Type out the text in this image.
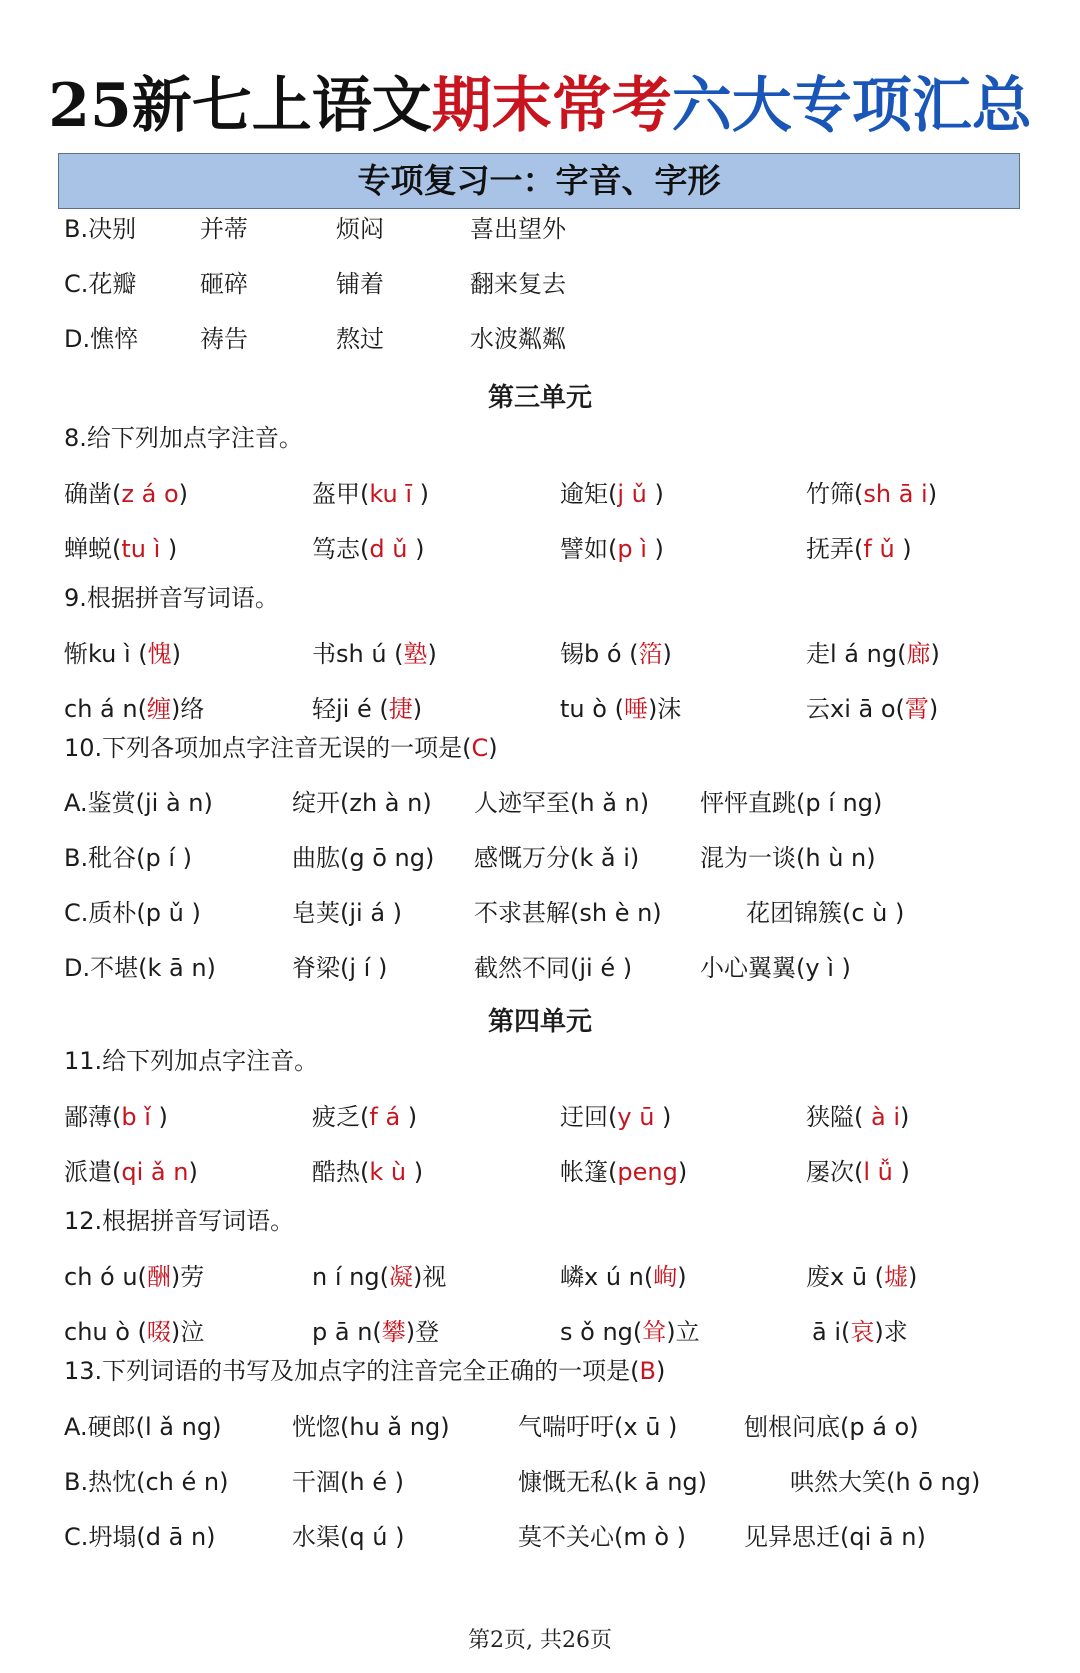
25新七上语文期末常考六大专项汇总
专项复习一：字音、字形
B.决别	并蒂	烦闷	喜出望外
C.花瓣	砸碎	铺着	翻来复去
D.憔悴	祷告	熬过	水波粼粼
第三单元
8.给下列加点字注音。
确凿(z á o)	盔甲(ku ī )	逾矩(j ǔ )	竹筛(sh ā i)
蝉蜕(tu ì )	笃志(d ǔ )	譬如(p ì )	抚弄(f ǔ )
9.根据拼音写词语。
惭ku ì (愧)	书sh ú (塾)	锡b ó (箔)	走l á ng(廊)
ch á n(缠)络	轻ji é (捷)	tu ò (唾)沫	云xi ā o(霄)
10.下列各项加点字注音无误的一项是(C)
A.鉴赏(ji à n)	绽开(zh à n) 人迹罕至(h ǎ n) 怦怦直跳(p í ng)
B.秕谷(p í )	曲肱(g ō ng) 感慨万分(k ǎ i)	混为一谈(h ù n)
C.质朴(p ǔ )	皂荚(ji á )	不求甚解(sh è n)	花团锦簇(c ù )
D.不堪(k ā n)	脊梁(j í )	截然不同(ji é )	小心翼翼(y ì )
第四单元
11.给下列加点字注音。
鄙薄(b ǐ )	疲乏(f á )	迂回(y ū )	狭隘( à i)
派遣(qi ǎ n)	酷热(k ù )	帐篷(peng)	屡次(l ǚ )
12.根据拼音写词语。
ch ó u(酬)劳	n í ng(凝)视	嶙x ú n(峋)	废x ū (墟)
chu ò (啜)泣	p ā n(攀)登	s ǒ ng(耸)立	ā i(哀)求
13.下列词语的书写及加点字的注音完全正确的一项是(B)
A.硬郎(l ǎ ng)	恍惚(hu ǎ ng)	气喘吁吁(x ū )	刨根问底(p á o)
B.热忱(ch é n)	干涸(h é )	慷慨无私(k ā ng)	哄然大笑(h ō ng)
C.坍塌(d ā n)	水渠(q ú )	莫不关心(m ò ) 见异思迁(qi ā n)
第2页, 共26页
